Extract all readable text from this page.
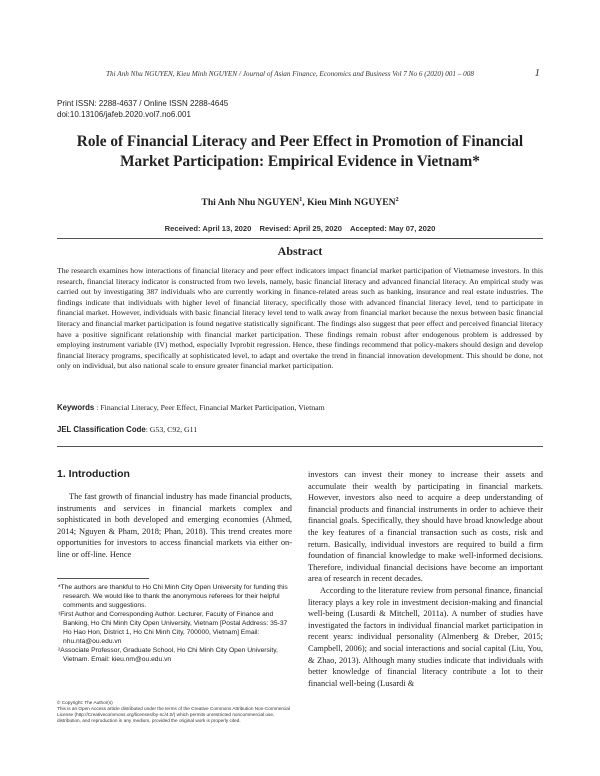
Thi Anh Nhu NGUYEN, Kieu Minh NGUYEN / Journal of Asian Finance, Economics and Business Vol 7 No 6 (2020) 001 – 008	1
Print ISSN: 2288-4637 / Online ISSN 2288-4645
doi:10.13106/jafeb.2020.vol7.no6.001
Role of Financial Literacy and Peer Effect in Promotion of Financial
Market Participation: Empirical Evidence in Vietnam*
Thi Anh Nhu NGUYEN$^1$, Kieu Minh NGUYEN$^2$
Received: April 13, 2020 Revised: April 25, 2020 Accepted: May 07, 2020
Abstract
The research examines how interactions of financial literacy and peer effect indicators impact financial market participation of Vietnamese investors. In this research, financial literacy indicator is constructed from two levels, namely, basic financial literacy and advanced financial literacy. An empirical study was carried out by investigating 387 individuals who are currently working in finance-related areas such as banking, insurance and real estate industries. The findings indicate that individuals with higher level of financial literacy, specifically those with advanced financial literacy level, tend to participate in financial market. However, individuals with basic financial literacy level tend to walk away from financial market because the nexus between basic financial literacy and financial market participation is found negative statistically significant. The findings also suggest that peer effect and perceived financial literacy have a positive significant relationship with financial market participation. These findings remain robust after endogenous problem is addressed by employing instrument variable (IV) method, especially Ivprobit regression. Hence, these findings recommend that policy-makers should design and develop financial literacy programs, specifically at sophisticated level, to adapt and overtake the trend in financial innovation development. This should be done, not only on individual, but also national scale to ensure greater financial market participation.
Keywords : Financial Literacy, Peer Effect, Financial Market Participation, Vietnam
JEL Classification Code: G53, C92, G11
1. Introduction
The fast growth of financial industry has made financial products, instruments and services in financial markets complex and sophisticated in both developed and emerging economies (Ahmed, 2014; Nguyen & Pham, 2018; Phan, 2018). This trend creates more opportunities for investors to access financial markets via either on-line or off-line. Hence

*The authors are thankful to Ho Chi Minh City Open University for funding this research. We would like to thank the anonymous referees for their helpful comments and suggestions.

¹First Author and Corresponding Author. Lecturer, Faculty of Finance and Banking, Ho Chi Minh City Open University, Vietnam [Postal Address: 35-37 Ho Hao Hon, District 1, Ho Chi Minh City, 700000, Vietnam] Email: nhu.nta@ou.edu.vn

²Associate Professor, Graduate School, Ho Chi Minh City Open University, Vietnam. Email: kieu.nm@ou.edu.vn

© Copyright: The Author(s)

This is an Open Access article distributed under the terms of the Creative Commons Attribution Non-Commercial License (http://Creativecommons.org/licenses/by-nc/4.0/) which permits unrestricted noncommercial use, distribution, and reproduction in any medium, provided the original work is properly cited.

investors can invest their money to increase their assets and accumulate their wealth by participating in financial markets. However, investors also need to acquire a deep understanding of financial products and financial instruments in order to achieve their financial goals. Specifically, they should have broad knowledge about the key features of a financial transaction such as costs, risk and return. Basically, individual investors are required to build a firm foundation of financial knowledge to make well-informed decisions. Therefore, individual financial decisions have become an important area of research in recent decades.

According to the literature review from personal finance, financial literacy plays a key role in investment decision-making and financial well-being (Lusardi & Mitchell, 2011a). A number of studies have investigated the factors in individual financial market participation in recent years: individual personality (Almenberg & Dreber, 2015; Campbell, 2006); and social interactions and social capital (Liu, You, & Zhao, 2013). Although many studies indicate that individuals with better knowledge of financial literacy contribute a lot to their financial well-being (Lusardi &
